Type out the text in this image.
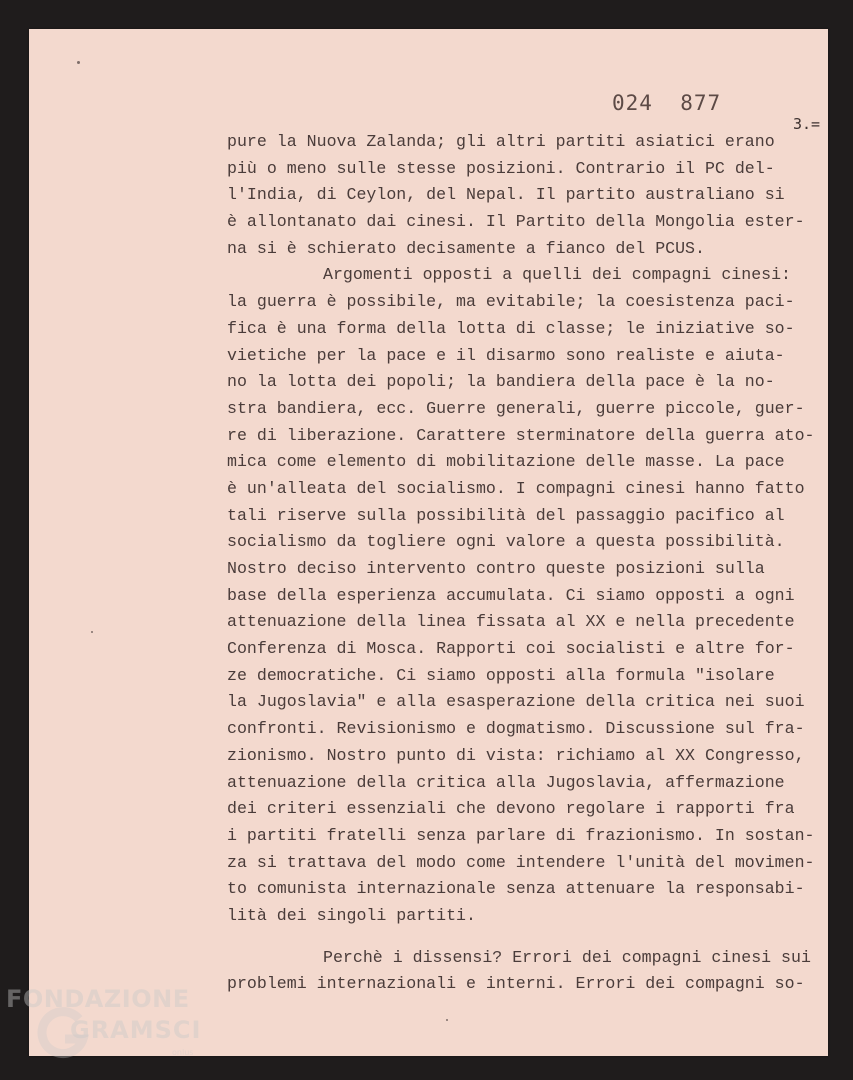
024  877
3.=
pure la Nuova Zalanda; gli altri partiti asiatici erano
più o meno sulle stesse posizioni. Contrario il PC del-
l'India, di Ceylon, del Nepal. Il partito australiano si
è allontanato dai cinesi. Il Partito della Mongolia ester-
na si è schierato decisamente a fianco del PCUS.
Argomenti opposti a quelli dei compagni cinesi:
la guerra è possibile, ma evitabile; la coesistenza paci-
fica è una forma della lotta di classe; le iniziative so-
vietiche per la pace e il disarmo sono realiste e aiuta-
no la lotta dei popoli; la bandiera della pace è la no-
stra bandiera, ecc. Guerre generali, guerre piccole, guer-
re di liberazione. Carattere sterminatore della guerra ato-
mica come elemento di mobilitazione delle masse. La pace
è un'alleata del socialismo. I compagni cinesi hanno fatto
tali riserve sulla possibilità del passaggio pacifico al
socialismo da togliere ogni valore a questa possibilità.
Nostro deciso intervento contro queste posizioni sulla
base della esperienza accumulata. Ci siamo opposti a ogni
attenuazione della linea fissata al XX e nella precedente
Conferenza di Mosca. Rapporti coi socialisti e altre for-
ze democratiche. Ci siamo opposti alla formula "isolare
la Jugoslavia" e alla esasperazione della critica nei suoi
confronti. Revisionismo e dogmatismo. Discussione sul fra-
zionismo. Nostro punto di vista: richiamo al XX Congresso,
attenuazione della critica alla Jugoslavia, affermazione
dei criteri essenziali che devono regolare i rapporti fra
i partiti fratelli senza parlare di frazionismo. In sostan-
za si trattava del modo come intendere l'unità del movimen-
to comunista internazionale senza attenuare la responsabi-
lità dei singoli partiti.
Perchè i dissensi? Errori dei compagni cinesi sui
problemi internazionali e interni. Errori dei compagni so-
FONDAZIONE
GRAMSCI
onlus
